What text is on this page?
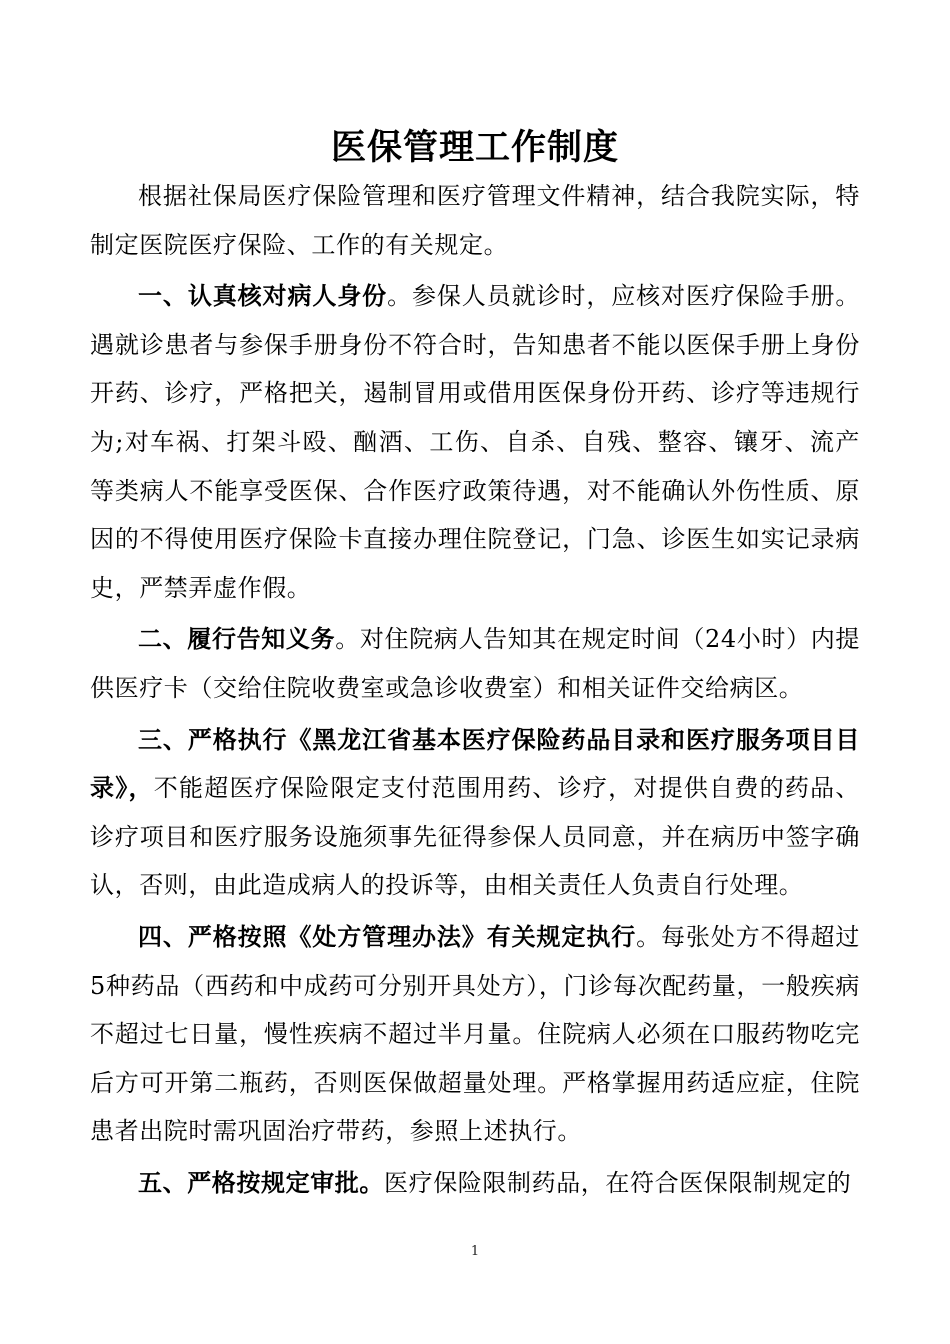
医保管理工作制度

根据社保局医疗保险管理和医疗管理文件精神，结合我院实际，特制定医院医疗保险、工作的有关规定。

一、认真核对病人身份。参保人员就诊时，应核对医疗保险手册。遇就诊患者与参保手册身份不符合时，告知患者不能以医保手册上身份开药、诊疗，严格把关，遏制冒用或借用医保身份开药、诊疗等违规行为;对车祸、打架斗殴、酗酒、工伤、自杀、自残、整容、镶牙、流产等类病人不能享受医保、合作医疗政策待遇，对不能确认外伤性质、原因的不得使用医疗保险卡直接办理住院登记，门急、诊医生如实记录病史，严禁弄虚作假。

二、履行告知义务。对住院病人告知其在规定时间（24小时）内提供医疗卡（交给住院收费室或急诊收费室）和相关证件交给病区。

三、严格执行《黑龙江省基本医疗保险药品目录和医疗服务项目目录》，不能超医疗保险限定支付范围用药、诊疗，对提供自费的药品、诊疗项目和医疗服务设施须事先征得参保人员同意，并在病历中签字确认，否则，由此造成病人的投诉等，由相关责任人负责自行处理。

四、严格按照《处方管理办法》有关规定执行。每张处方不得超过5种药品（西药和中成药可分别开具处方），门诊每次配药量，一般疾病不超过七日量，慢性疾病不超过半月量。住院病人必须在口服药物吃完后方可开第二瓶药，否则医保做超量处理。严格掌握用药适应症，住院患者出院时需巩固治疗带药，参照上述执行。

五、严格按规定审批。医疗保险限制药品，在符合医保限制规定的

1
